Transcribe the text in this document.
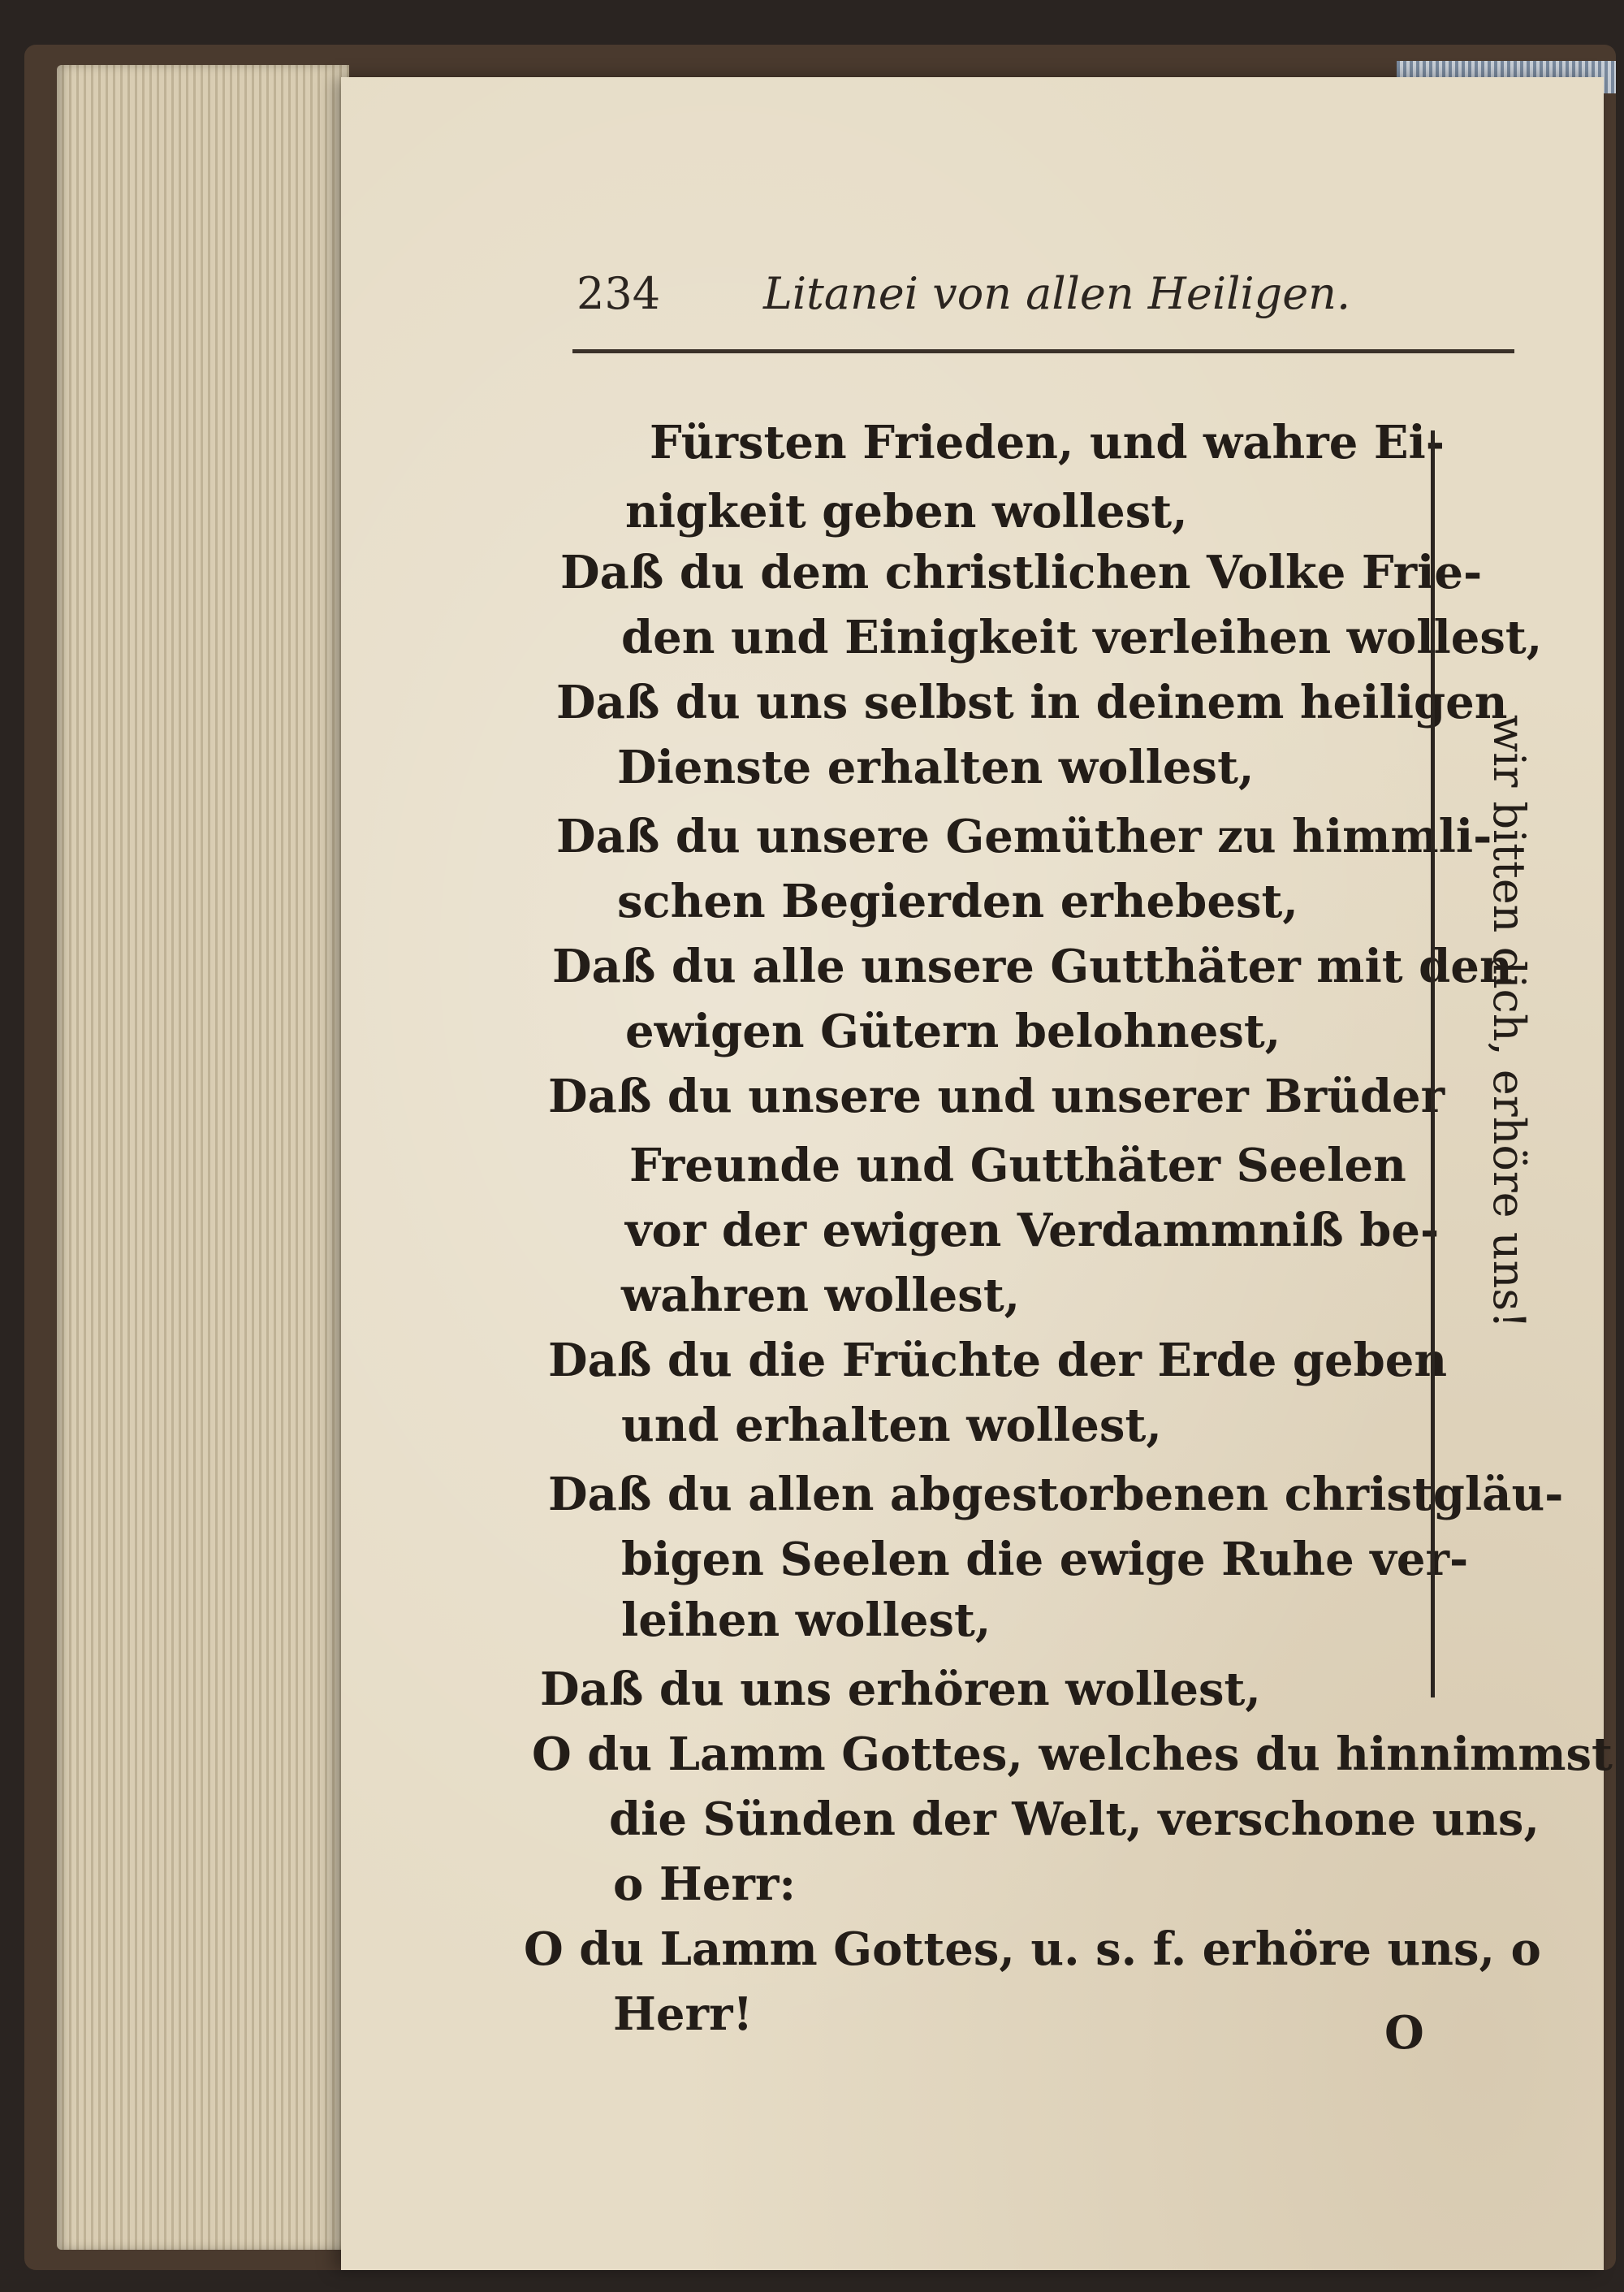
234 Litanei von allen Heiligen.
Fürsten Frieden, und wahre Ei-
nigkeit geben wollest,
Daß du dem christlichen Volke Frie-
den und Einigkeit verleihen wollest,
Daß du uns selbst in deinem heiligen
Dienste erhalten wollest,
Daß du unsere Gemüther zu himmli-
schen Begierden erhebest,
Daß du alle unsere Gutthäter mit den
ewigen Gütern belohnest,
Daß du unsere und unserer Brüder
Freunde und Gutthäter Seelen
vor der ewigen Verdammniß be-
wahren wollest,
Daß du die Früchte der Erde geben
und erhalten wollest,
Daß du allen abgestorbenen christgläu-
bigen Seelen die ewige Ruhe ver-
leihen wollest,
Daß du uns erhören wollest,
O du Lamm Gottes, welches du hinnimmst
die Sünden der Welt, verschone uns,
o Herr:
O du Lamm Gottes, u. s. f. erhöre uns, o
Herr!
wir bitten dich, erhöre uns!
O
